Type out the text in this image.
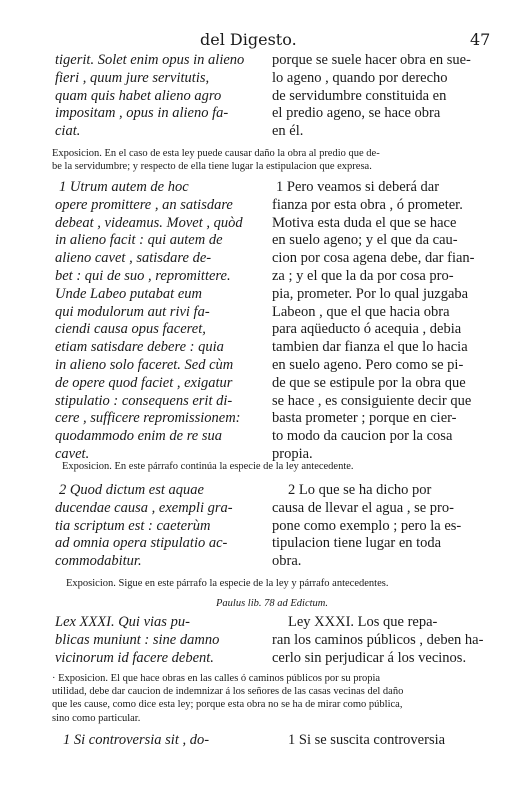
del Digesto.	47
tigerit. Solet enim opus in alieno
fieri , quum jure servitutis,
quam quis habet alieno agro
impositam , opus in alieno fa-
ciat.
porque se suele hacer obra en sue-
lo ageno , quando por derecho
de servidumbre constituida en
el predio ageno, se hace obra
en él.
Exposicion. En el caso de esta ley puede causar daño la obra al predio que de-
be la servidumbre; y respecto de ella tiene lugar la estipulacion que expresa.
1 Utrum autem de hoc
opere promittere , an satisdare
debeat , videamus. Movet , quòd
in alieno facit : qui autem de
alieno cavet , satisdare de-
bet : qui de suo , repromittere.
Unde Labeo putabat eum
qui modulorum aut rivi fa-
ciendi causa opus faceret,
etiam satisdare debere : quia
in alieno solo faceret. Sed cùm
de opere quod faciet , exigatur
stipulatio : consequens erit di-
cere , sufficere repromissionem:
quodammodo enim de re sua
cavet.
1 Pero veamos si deberá dar
fianza por esta obra , ó prometer.
Motiva esta duda el que se hace
en suelo ageno; y el que da cau-
cion por cosa agena debe, dar fian-
za ; y el que la da por cosa pro-
pia, prometer. Por lo qual juzgaba
Labeon , que el que hacia obra
para aqüeducto ó acequia , debia
tambien dar fianza el que lo hacia
en suelo ageno. Pero como se pi-
de que se estipule por la obra que
se hace , es consiguiente decir que
basta prometer ; porque en cier-
to modo da caucion por la cosa
propia.
Exposicion. En este párrafo continúa la especie de la ley antecedente.
2 Quod dictum est aquae
ducendae causa , exempli gra-
tia scriptum est : caeterùm
ad omnia opera stipulatio ac-
commodabitur.
2 Lo que se ha dicho por
causa de llevar el agua , se pro-
pone como exemplo ; pero la es-
tipulacion tiene lugar en toda
obra.
Exposicion. Sigue en este párrafo la especie de la ley y párrafo antecedentes.
Paulus lib. 78 ad Edictum.
Lex XXXI. Qui vias pu-
blicas muniunt : sine damno
vicinorum id facere debent.
Ley XXXI. Los que repa-
ran los caminos públicos , deben ha-
cerlo sin perjudicar á los vecinos.
· Exposicion. El que hace obras en las calles ó caminos públicos por su propia
utilidad, debe dar caucion de indemnizar á los señores de las casas vecinas del daño
que les cause, como dice esta ley; porque esta obra no se ha de mirar como pública,
sino como particular.
1 Si controversia sit , do-	1 Si se suscita controversia
